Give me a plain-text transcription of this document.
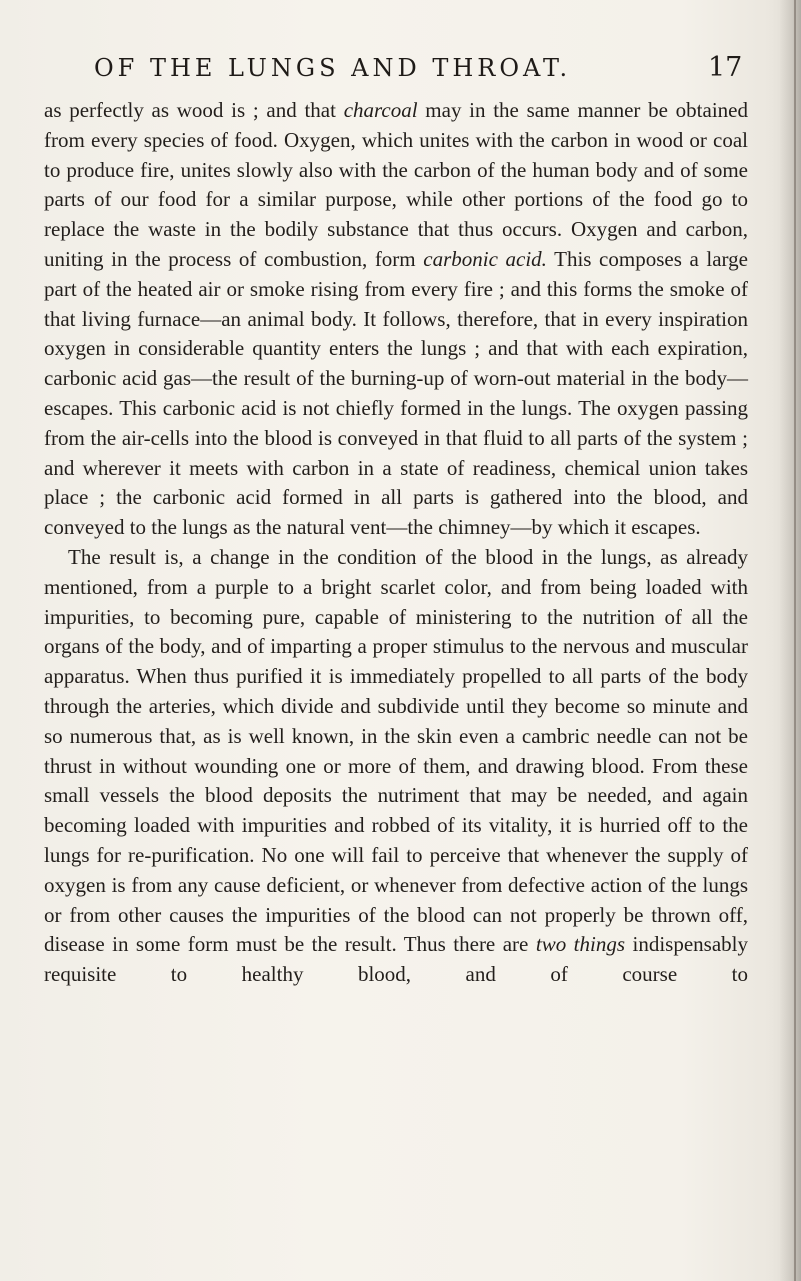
OF THE LUNGS AND THROAT.	17

as perfectly as wood is ; and that charcoal may in the same manner be obtained from every species of food. Oxygen, which unites with the carbon in wood or coal to produce fire, unites slowly also with the carbon of the human body and of some parts of our food for a similar purpose, while other portions of the food go to replace the waste in the bodily substance that thus occurs. Oxygen and carbon, uniting in the process of combustion, form carbonic acid. This composes a large part of the heated air or smoke rising from every fire ; and this forms the smoke of that living furnace—an animal body. It follows, therefore, that in every inspiration oxygen in considerable quantity enters the lungs ; and that with each expiration, carbonic acid gas—the result of the burning-up of worn-out material in the body—escapes. This carbonic acid is not chiefly formed in the lungs. The oxygen passing from the air-cells into the blood is conveyed in that fluid to all parts of the system ; and wherever it meets with carbon in a state of readiness, chemical union takes place ; the carbonic acid formed in all parts is gathered into the blood, and conveyed to the lungs as the natural vent—the chimney—by which it escapes.

The result is, a change in the condition of the blood in the lungs, as already mentioned, from a purple to a bright scarlet color, and from being loaded with impurities, to becoming pure, capable of ministering to the nutrition of all the organs of the body, and of imparting a proper stimulus to the nervous and muscular apparatus. When thus purified it is immediately propelled to all parts of the body through the arteries, which divide and subdivide until they become so minute and so numerous that, as is well known, in the skin even a cambric needle can not be thrust in without wounding one or more of them, and drawing blood. From these small vessels the blood deposits the nutriment that may be needed, and again becoming loaded with impurities and robbed of its vitality, it is hurried off to the lungs for re-purification. No one will fail to perceive that whenever the supply of oxygen is from any cause deficient, or whenever from defective action of the lungs or from other causes the impurities of the blood can not properly be thrown off, disease in some form must be the result. Thus there are two things indispensably requisite to healthy blood, and of course to
